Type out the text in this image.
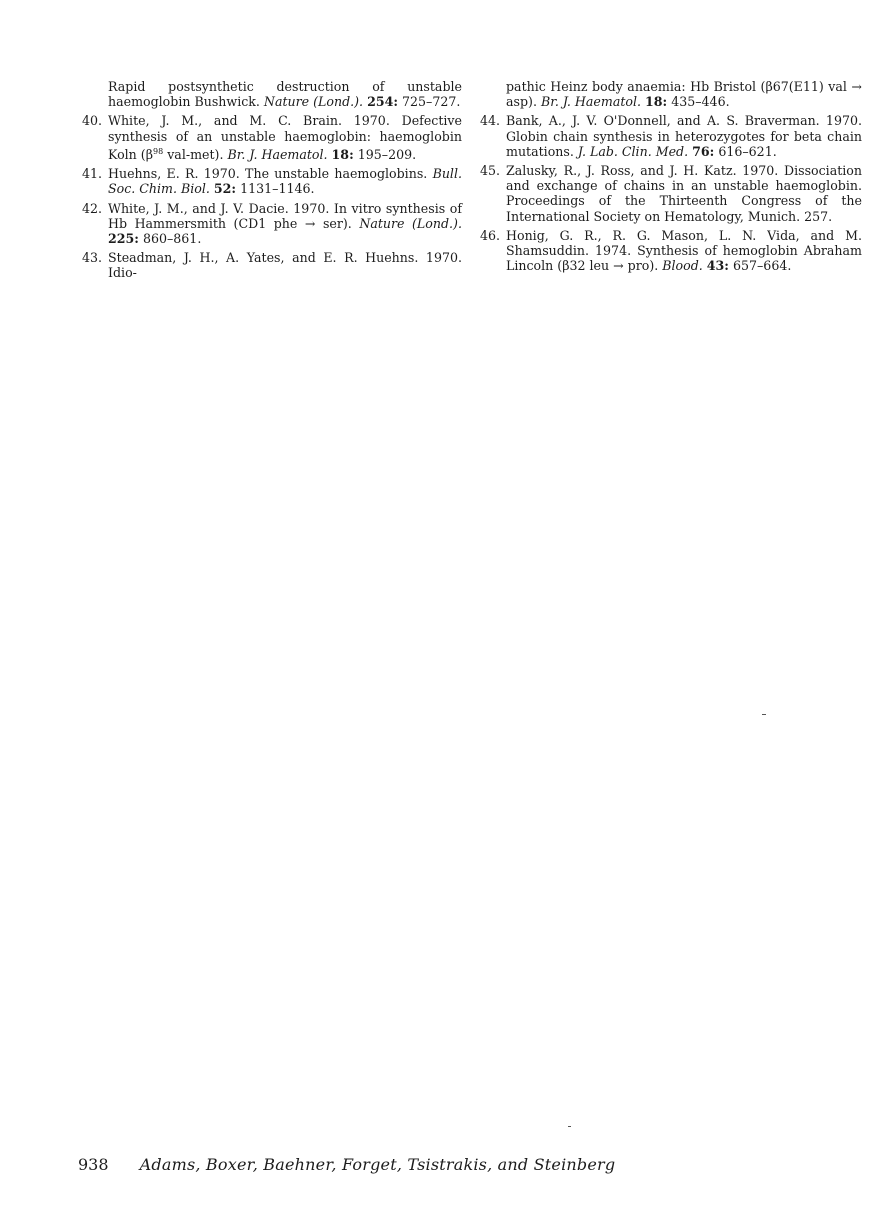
Rapid postsynthetic destruction of unstable haemoglobin Bushwick. Nature (Lond.). 254: 725–727.
40. White, J. M., and M. C. Brain. 1970. Defective synthesis of an unstable haemoglobin: haemoglobin Koln ($\beta^{98}$ val-met). Br. J. Haematol. 18: 195–209.
41. Huehns, E. R. 1970. The unstable haemoglobins. Bull. Soc. Chim. Biol. 52: 1131–1146.
42. White, J. M., and J. V. Dacie. 1970. In vitro synthesis of Hb Hammersmith (CD1 phe → ser). Nature (Lond.). 225: 860–861.
43. Steadman, J. H., A. Yates, and E. R. Huehns. 1970. Idio-
pathic Heinz body anaemia: Hb Bristol (β67(E11) val → asp). Br. J. Haematol. 18: 435–446.
44. Bank, A., J. V. O'Donnell, and A. S. Braverman. 1970. Globin chain synthesis in heterozygotes for beta chain mutations. J. Lab. Clin. Med. 76: 616–621.
45. Zalusky, R., J. Ross, and J. H. Katz. 1970. Dissociation and exchange of chains in an unstable haemoglobin. Proceedings of the Thirteenth Congress of the International Society on Hematology, Munich. 257.
46. Honig, G. R., R. G. Mason, L. N. Vida, and M. Shamsuddin. 1974. Synthesis of hemoglobin Abraham Lincoln (β32 leu → pro). Blood. 43: 657–664.
938 Adams, Boxer, Baehner, Forget, Tsistrakis, and Steinberg
